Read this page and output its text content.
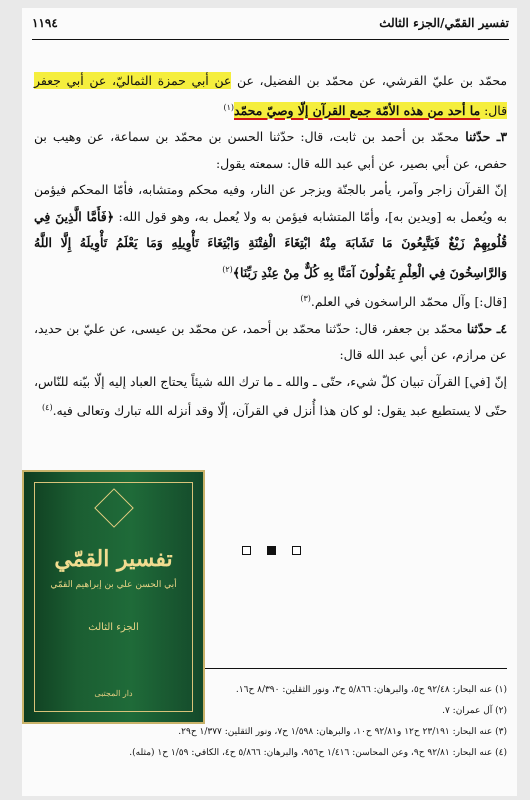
تفسير القمّي/الجزء الثالث
١١٩٤

محمّد بن عليّ القرشي، عن محمّد بن الفضيل، عن عن أبي حمزة الثماليّ، عن أبي جعفر قال: ما أحد من هذه الأمّة جمع القرآن إلّا وصيّ محمّد$^{(١)}$

٣ـ حدّثنا محمّد بن أحمد بن ثابت، قال: حدّثنا الحسن بن محمّد بن سماعة، عن وهيب بن حفص، عن أبي بصير، عن أبي عبد الله قال: سمعته يقول:

إنّ القرآن زاجر وآمر، يأمر بالجنّة ويزجر عن النار، وفيه محكم ومتشابه، فأمّا المحكم فيؤمن به ويُعمل به [ويدين به]، وأمّا المتشابه فيؤمن به ولا يُعمل به، وهو قول الله: ﴿فَأَمَّا الَّذِينَ فِي قُلُوبِهِمْ زَيْغٌ فَيَتَّبِعُونَ مَا تَشَابَهَ مِنْهُ ابْتِغَاءَ الْفِتْنَةِ وَابْتِغَاءَ تَأْوِيلِهِ وَمَا يَعْلَمُ تَأْوِيلَهُ إِلَّا اللَّهُ وَالرَّاسِخُونَ فِي الْعِلْمِ يَقُولُونَ آمَنَّا بِهِ كُلٌّ مِنْ عِنْدِ رَبِّنَا﴾$^{(٢)}$

[قال:] وآل محمّد الراسخون في العلم.$^{(٣)}$

٤ـ حدّثنا محمّد بن جعفر، قال: حدّثنا محمّد بن أحمد، عن محمّد بن عيسى، عن عليّ بن حديد، عن مرازم، عن أبي عبد الله قال:

إنّ [في] القرآن تبيان كلّ شيء، حتّى ـ والله ـ ما ترك الله شيئاً يحتاج العباد إليه إلّا بيّنه للنّاس، حتّى لا يستطيع عبد يقول: لو كان هذا أُنزل في القرآن، إلّا وقد أنزله الله تبارك وتعالى فيه.$^{(٤)}$

(١) عنه البحار: ٩٢/٤٨ ح٥، والبرهان: ٥/٨٦٦ ح٣، ونور الثقلين: ٨/٣٩٠ ح١٦.
(٢) آل عمران: ٧.
(٣) عنه البحار: ٢٣/١٩١ ح١٢ و٩٢/٨١ ح١٠، والبرهان: ١/٥٩٨ ح٧، ونور الثقلين: ١/٣٧٧ ح٢٩.
(٤) عنه البحار: ٩٢/٨١ ح٩، وعن المحاسن: ١/٤١٦ ح٩٥٦، والبرهان: ٥/٨٦٦ ح٤، الكافي: ١/٥٩ ح١ (مثله).
تفسير القمّي
أبي الحسن علي بن إبراهيم القمّي
الجزء الثالث
دار المجتبى
